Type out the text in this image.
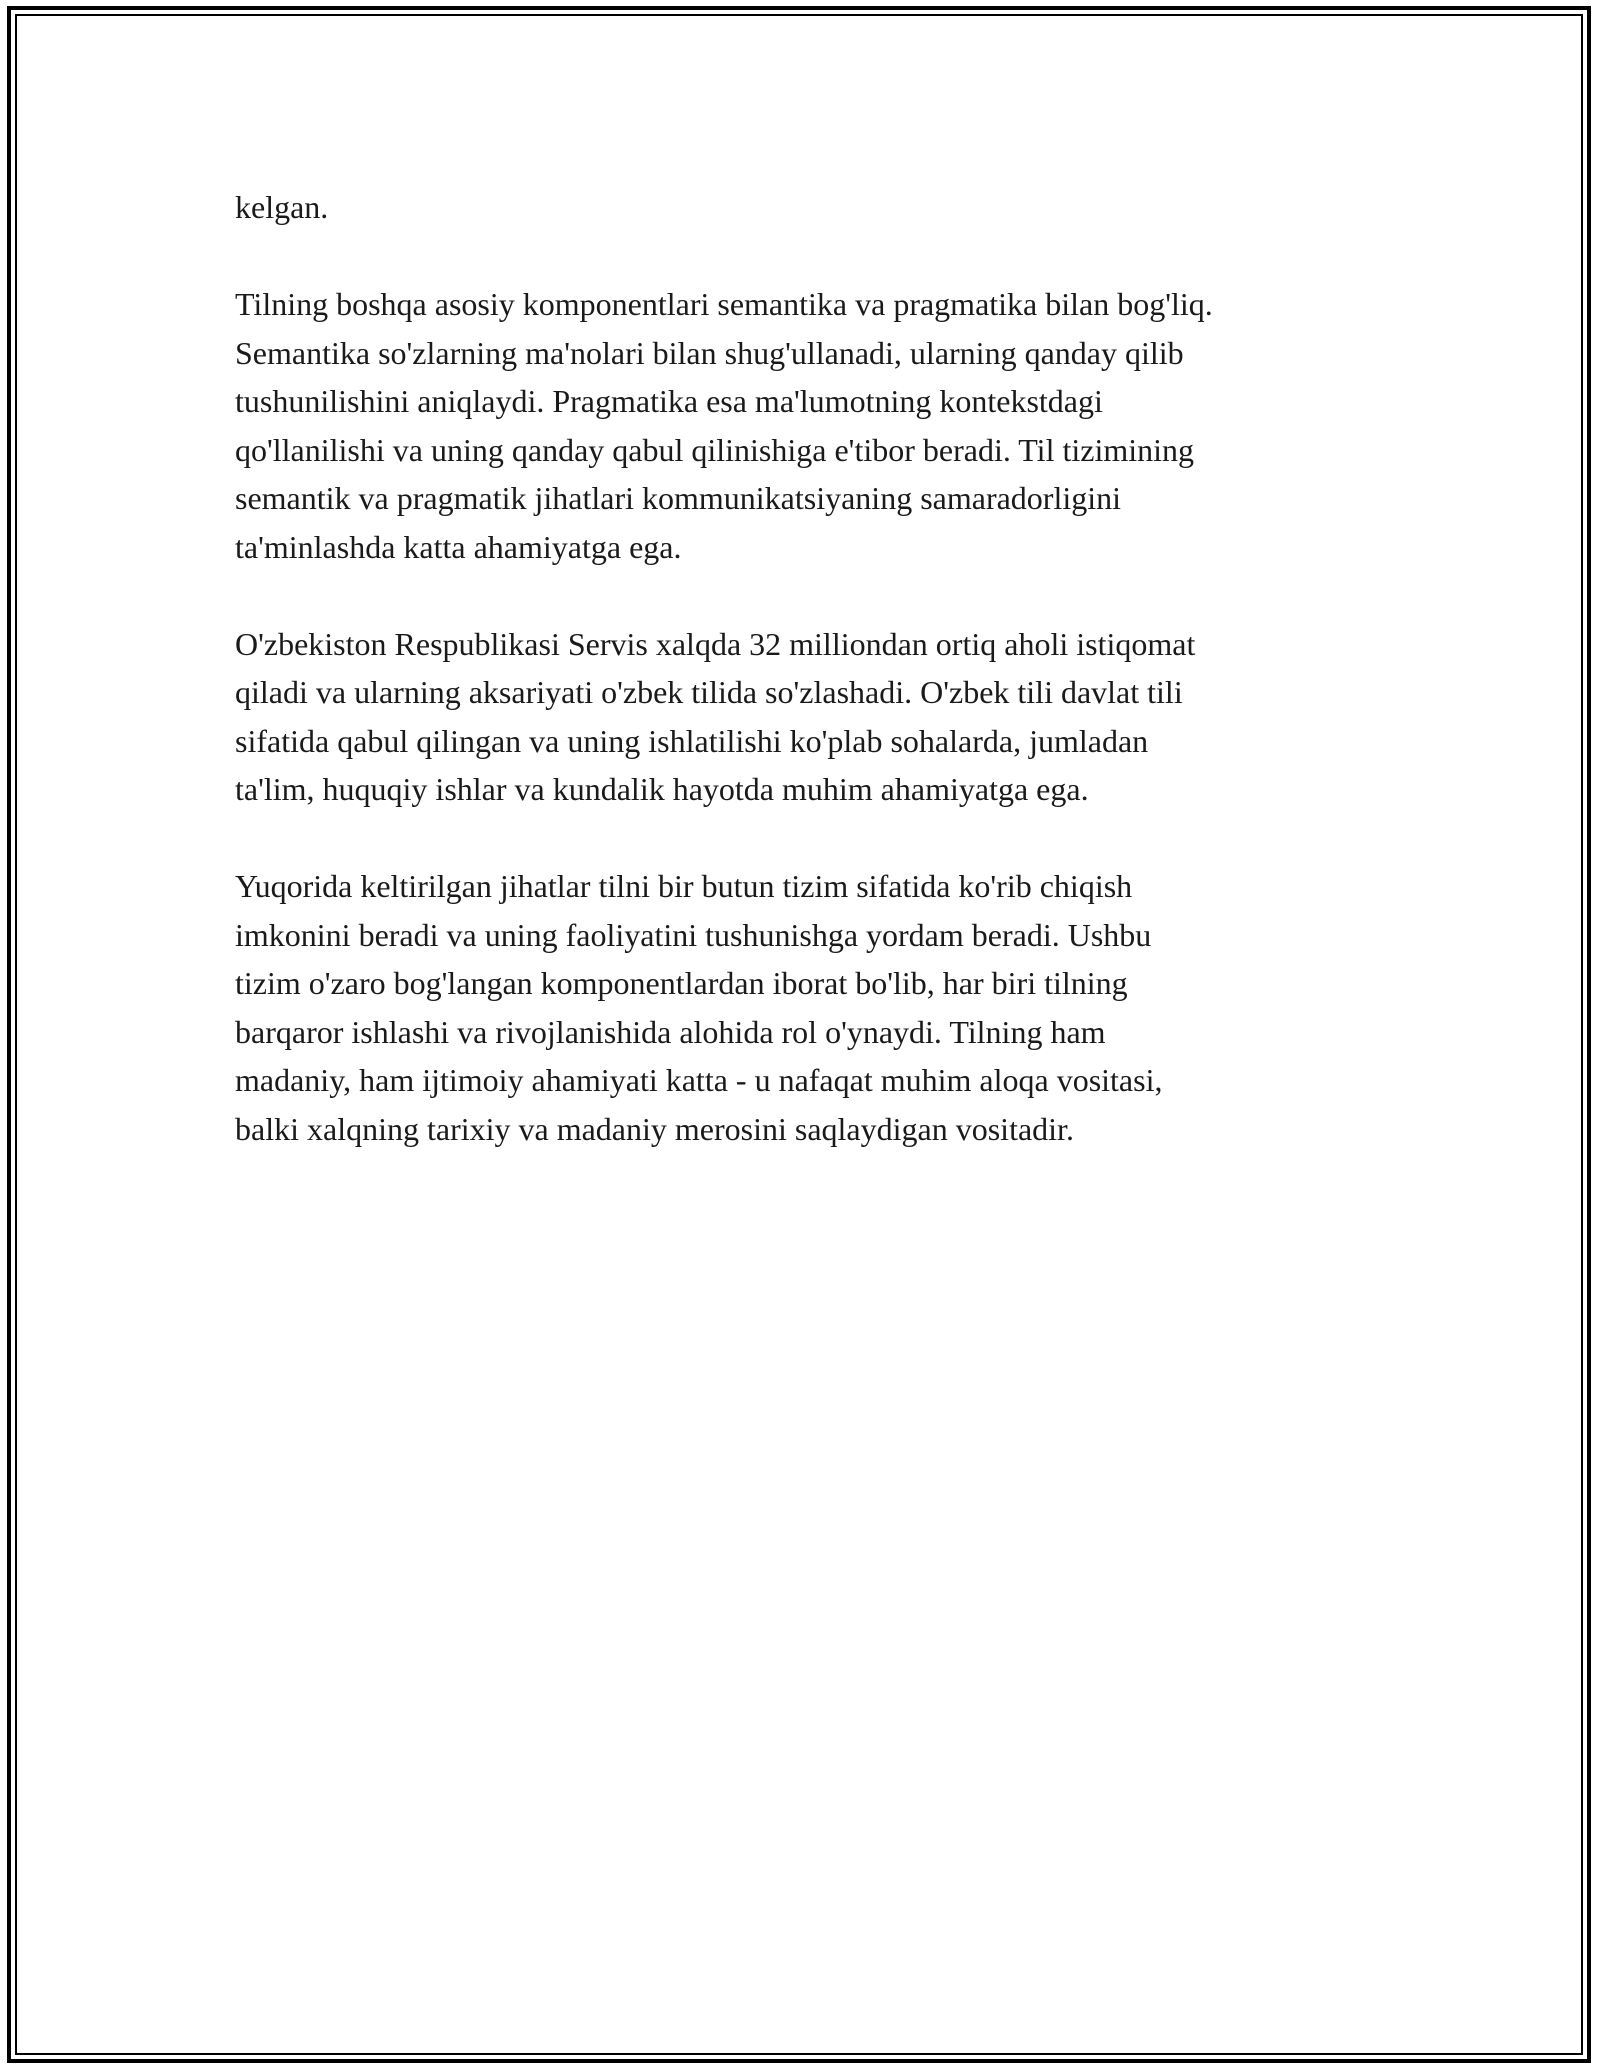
kelgan.

Tilning boshqa asosiy komponentlari semantika va pragmatika bilan bog'liq.
Semantika so'zlarning ma'nolari bilan shug'ullanadi, ularning qanday qilib
tushunilishini aniqlaydi. Pragmatika esa ma'lumotning kontekstdagi
qo'llanilishi va uning qanday qabul qilinishiga e'tibor beradi. Til tizimining
semantik va pragmatik jihatlari kommunikatsiyaning samaradorligini
ta'minlashda katta ahamiyatga ega.

O'zbekiston Respublikasi Servis xalqda 32 milliondan ortiq aholi istiqomat
qiladi va ularning aksariyati o'zbek tilida so'zlashadi. O'zbek tili davlat tili
sifatida qabul qilingan va uning ishlatilishi ko'plab sohalarda, jumladan
ta'lim, huquqiy ishlar va kundalik hayotda muhim ahamiyatga ega.

Yuqorida keltirilgan jihatlar tilni bir butun tizim sifatida ko'rib chiqish
imkonini beradi va uning faoliyatini tushunishga yordam beradi. Ushbu
tizim o'zaro bog'langan komponentlardan iborat bo'lib, har biri tilning
barqaror ishlashi va rivojlanishida alohida rol o'ynaydi. Tilning ham
madaniy, ham ijtimoiy ahamiyati katta - u nafaqat muhim aloqa vositasi,
balki xalqning tarixiy va madaniy merosini saqlaydigan vositadir.
